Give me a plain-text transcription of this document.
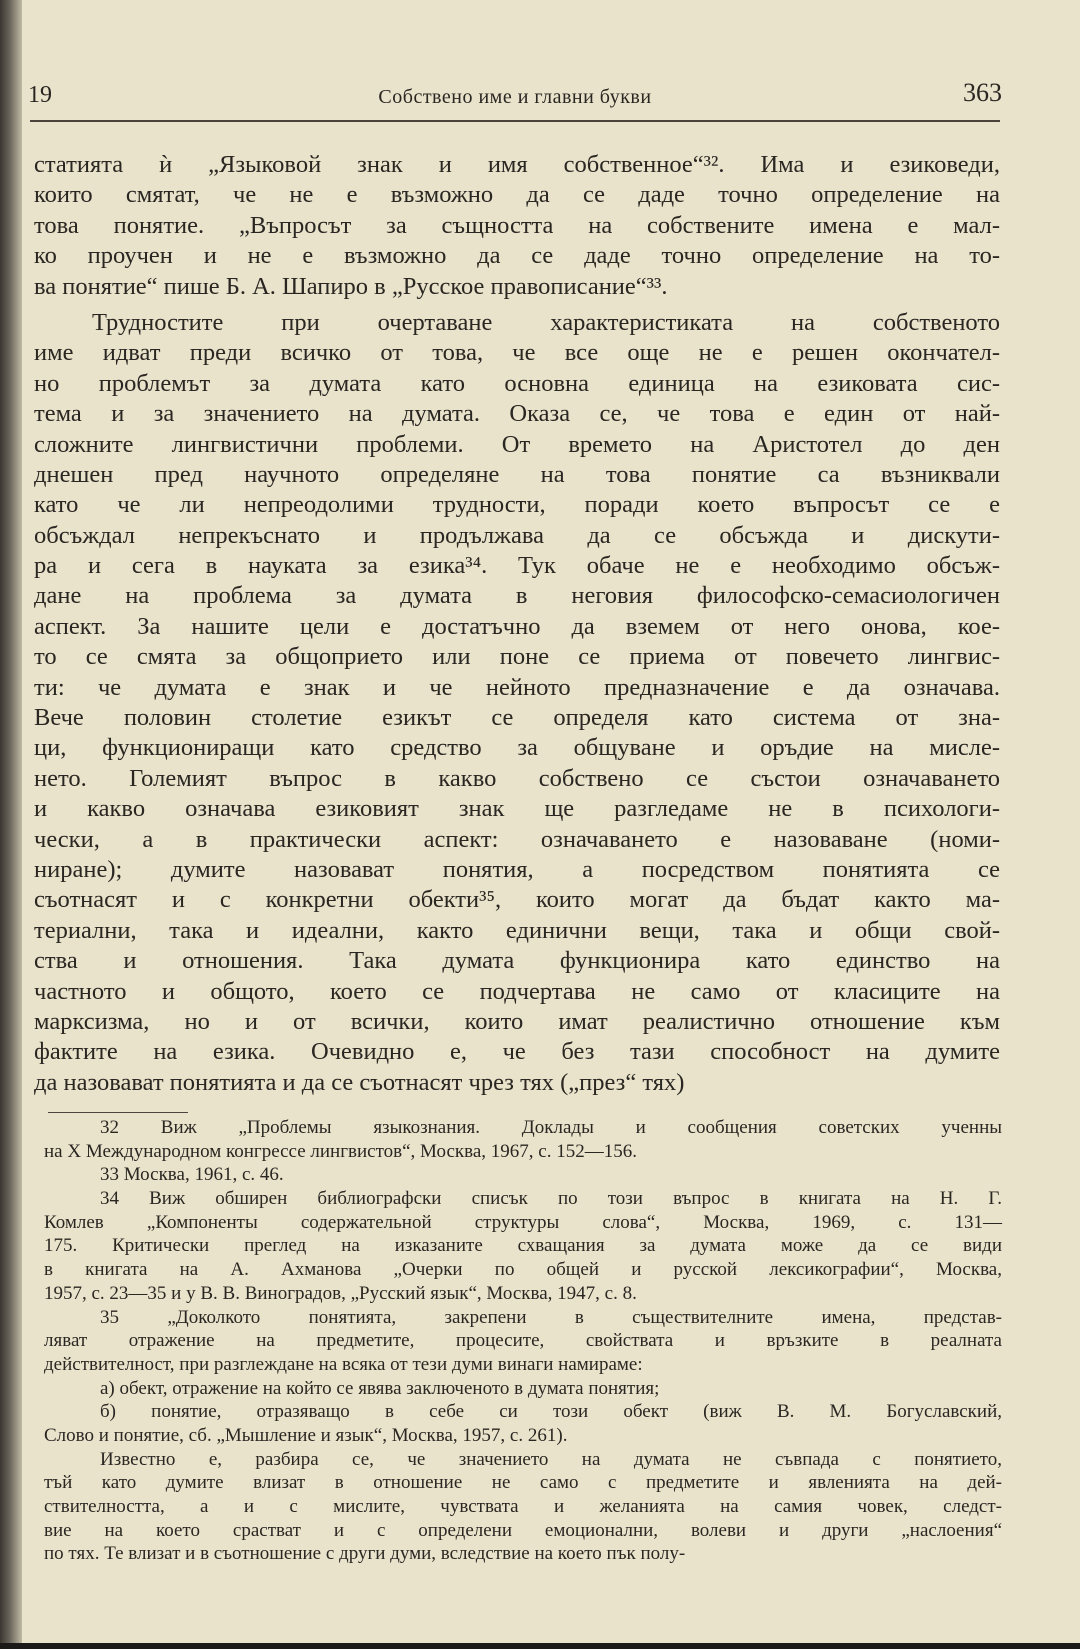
19	Собствено име и главни букви	363
статията ѝ „Языковой знак и имя собственное“³². Има и езиковеди,
които смятат, че не е възможно да се даде точно определение на
това понятие. „Въпросът за същността на собствените имена е мал-
ко проучен и не е възможно да се даде точно определение на то-
ва понятие“ пише Б. А. Шапиро в „Русское правописание“³³.
Трудностите при очертаване характеристиката на собственото
име идват преди всичко от това, че все още не е решен окончател-
но проблемът за думата като основна единица на езиковата сис-
тема и за значението на думата. Оказа се, че това е един от най-
сложните лингвистични проблеми. От времето на Аристотел до ден
днешен пред научното определяне на това понятие са възниквали
като че ли непреодолими трудности, поради което въпросът се е
обсъждал непрекъснато и продължава да се обсъжда и дискути-
ра и сега в науката за езика³⁴. Тук обаче не е необходимо обсъж-
дане на проблема за думата в неговия философско-семасиологичен
аспект. За нашите цели е достатъчно да вземем от него онова, кое-
то се смята за общоприето или поне се приема от повечето лингвис-
ти: че думата е знак и че нейното предназначение е да означава.
Вече половин столетие езикът се определя като система от зна-
ци, функциониращи като средство за общуване и оръдие на мисле-
нето. Големият въпрос в какво собствено се състои означаването
и какво означава езиковият знак ще разгледаме не в психологи-
чески, а в практически аспект: означаването е назоваване (номи-
ниране); думите назовават понятия, а посредством понятията се
съотнасят и с конкретни обекти³⁵, които могат да бъдат както ма-
териални, така и идеални, както единични вещи, така и общи свой-
ства и отношения. Така думата функционира като единство на
частното и общото, което се подчертава не само от класиците на
марксизма, но и от всички, които имат реалистично отношение към
фактите на езика. Очевидно е, че без тази способност на думите
да назовават понятията и да се съотнасят чрез тях („през“ тях)
32 Виж „Проблемы языкознания. Доклады и сообщения советских ученны
на X Международном конгрессе лингвистов“, Москва, 1967, с. 152—156.
33 Москва, 1961, с. 46.
34 Виж обширен библиографски списък по този въпрос в книгата на Н. Г.
Комлев „Компоненты содержательной структуры слова“, Москва, 1969, с. 131—
175. Критически преглед на изказаните схващания за думата може да се види
в книгата на А. Ахманова „Очерки по общей и русской лексикографии“, Москва,
1957, с. 23—35 и у В. В. Виноградов, „Русский язык“, Москва, 1947, с. 8.
35 „Доколкото понятията, закрепени в съществителните имена, представ-
ляват отражение на предметите, процесите, свойствата и връзките в реалната
действителност, при разглеждане на всяка от тези думи винаги намираме:
а) обект, отражение на който се явява заключеното в думата понятия;
б) понятие, отразяващо в себе си този обект (виж В. М. Богуславский,
Слово и понятие, сб. „Мышление и язык“, Москва, 1957, с. 261).
Известно е, разбира се, че значението на думата не съвпада с понятието,
тъй като думите влизат в отношение не само с предметите и явленията на дей-
ствителността, а и с мислите, чувствата и желанията на самия човек, следст-
вие на което срастват и с определени емоционални, волеви и други „наслоения“
по тях. Те влизат и в съотношение с други думи, вследствие на което пък полу-
